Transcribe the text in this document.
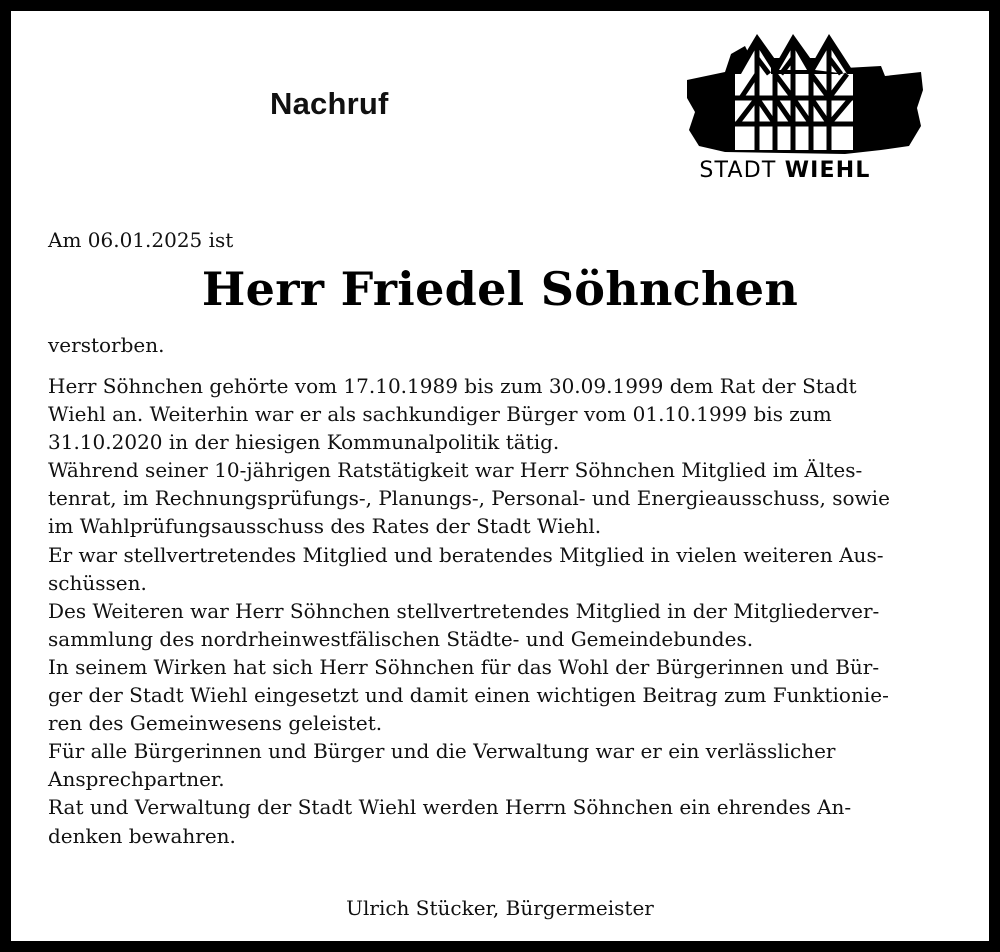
Nachruf
STADT WIEHL
Am 06.01.2025 ist
Herr Friedel Söhnchen
verstorben.
Herr Söhnchen gehörte vom 17.10.1989 bis zum 30.09.1999 dem Rat der Stadt
Wiehl an. Weiterhin war er als sachkundiger Bürger vom 01.10.1999 bis zum
31.10.2020 in der hiesigen Kommunalpolitik tätig.
Während seiner 10-jährigen Ratstätigkeit war Herr Söhnchen Mitglied im Ältes-
tenrat, im Rechnungsprüfungs-, Planungs-, Personal- und Energieausschuss, sowie
im Wahlprüfungsausschuss des Rates der Stadt Wiehl.
Er war stellvertretendes Mitglied und beratendes Mitglied in vielen weiteren Aus-
schüssen.
Des Weiteren war Herr Söhnchen stellvertretendes Mitglied in der Mitgliederver-
sammlung des nordrheinwestfälischen Städte- und Gemeindebundes.
In seinem Wirken hat sich Herr Söhnchen für das Wohl der Bürgerinnen und Bür-
ger der Stadt Wiehl eingesetzt und damit einen wichtigen Beitrag zum Funktionie-
ren des Gemeinwesens geleistet.
Für alle Bürgerinnen und Bürger und die Verwaltung war er ein verlässlicher
Ansprechpartner.
Rat und Verwaltung der Stadt Wiehl werden Herrn Söhnchen ein ehrendes An-
denken bewahren.
Ulrich Stücker, Bürgermeister
